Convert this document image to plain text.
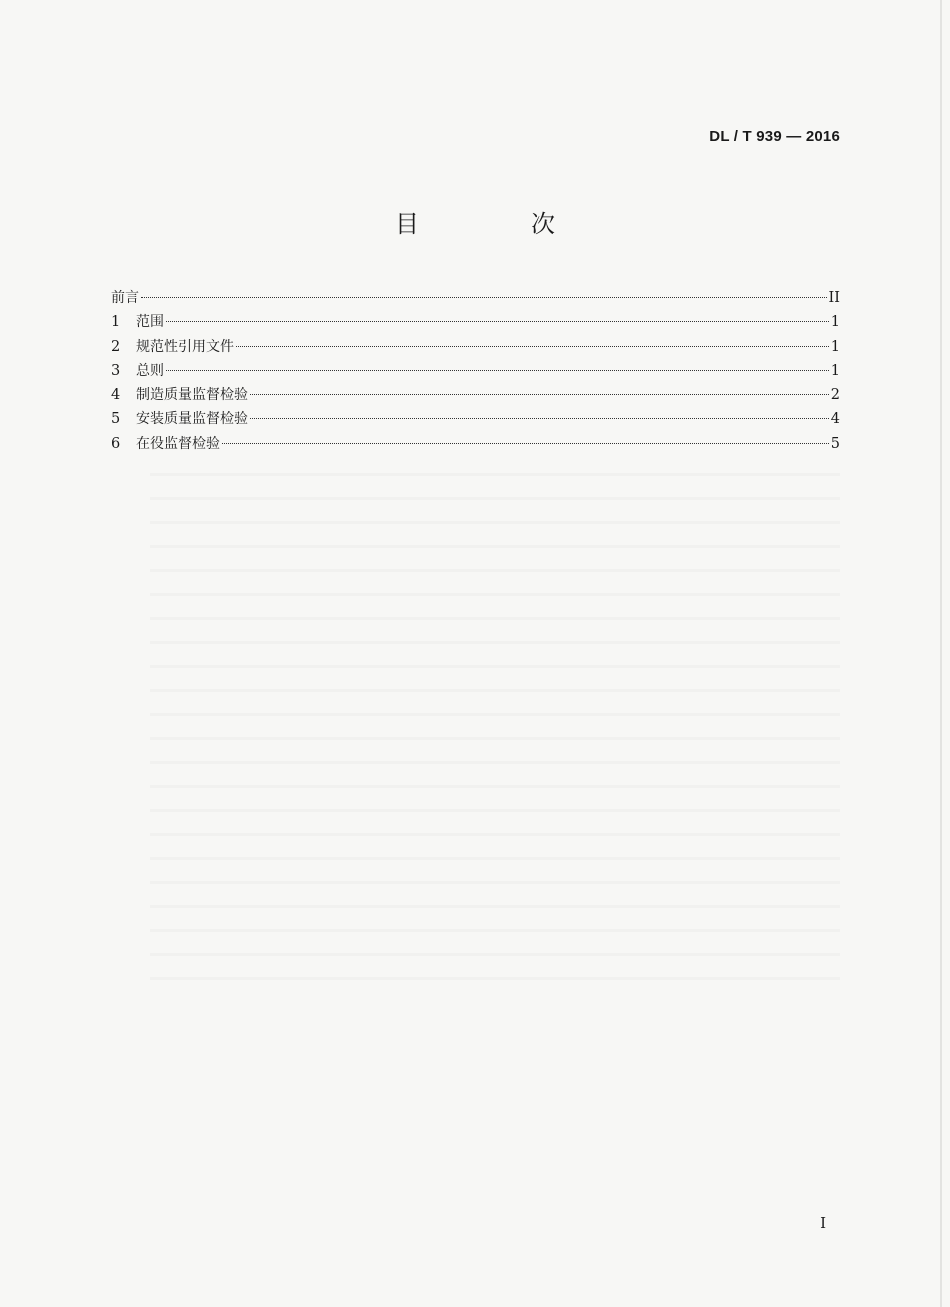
DL / T 939 — 2016
目　次
前言	II
1	范围	1
2	规范性引用文件	1
3	总则	1
4	制造质量监督检验	2
5	安装质量监督检验	4
6	在役监督检验	5
I
